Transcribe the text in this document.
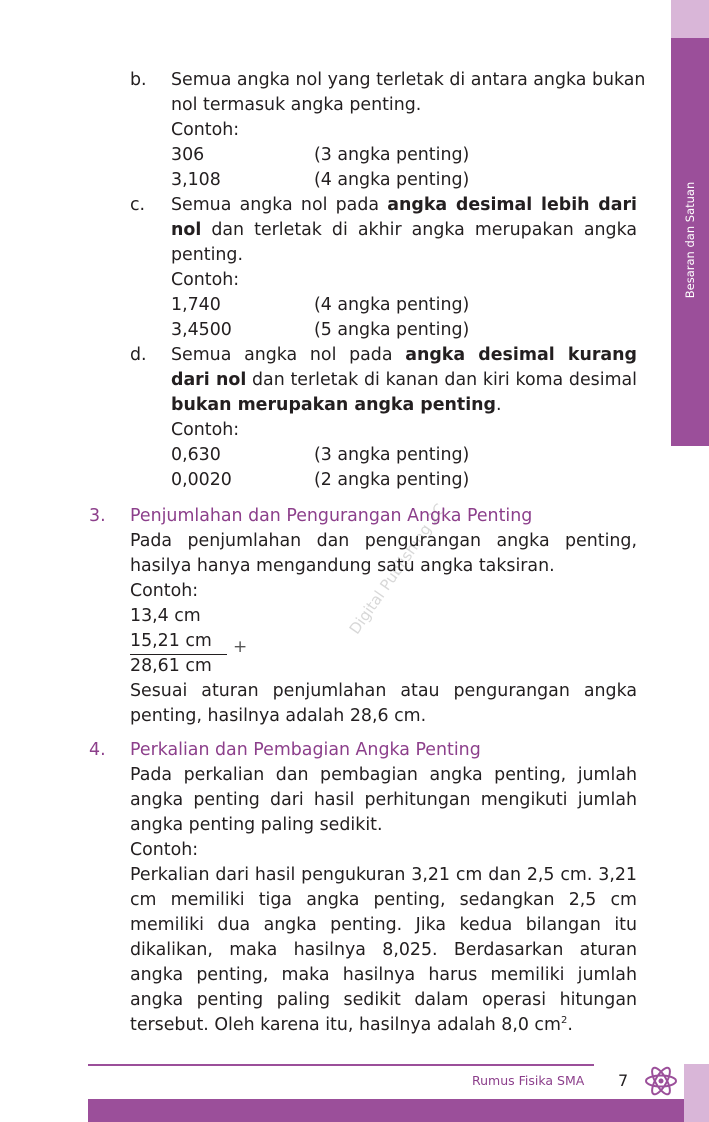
Besaran dan Satuan
Digital Publishing 2C
b. Semua angka nol yang terletak di antara angka bukan
nol termasuk angka penting.
Contoh:
306	(3 angka penting)
3,108	(4 angka penting)
c. Semua angka nol pada angka desimal lebih dari nol dan terletak di akhir angka merupakan angka penting.
Contoh:
1,740	(4 angka penting)
3,4500	(5 angka penting)
d. Semua angka nol pada angka desimal kurang dari nol dan terletak di kanan dan kiri koma desimal bukan merupakan angka penting.
Contoh:
0,630	(3 angka penting)
0,0020	(2 angka penting)
3. Penjumlahan dan Pengurangan Angka Penting
Pada penjumlahan dan pengurangan angka penting, hasilya hanya mengandung satu angka taksiran.
Contoh:
13,4 cm
15,21 cm +
28,61 cm
Sesuai aturan penjumlahan atau pengurangan angka penting, hasilnya adalah 28,6 cm.
4. Perkalian dan Pembagian Angka Penting
Pada perkalian dan pembagian angka penting, jumlah angka penting dari hasil perhitungan mengikuti jumlah angka penting paling sedikit.
Contoh:
Perkalian dari hasil pengukuran 3,21 cm dan 2,5 cm. 3,21 cm memiliki tiga angka penting, sedangkan 2,5 cm memiliki dua angka penting. Jika kedua bilangan itu dikalikan, maka hasilnya 8,025. Berdasarkan aturan angka penting, maka hasilnya harus memiliki jumlah angka penting paling sedikit dalam operasi hitungan tersebut. Oleh karena itu, hasilnya adalah 8,0 $cm^2$.
Rumus Fisika SMA 7
